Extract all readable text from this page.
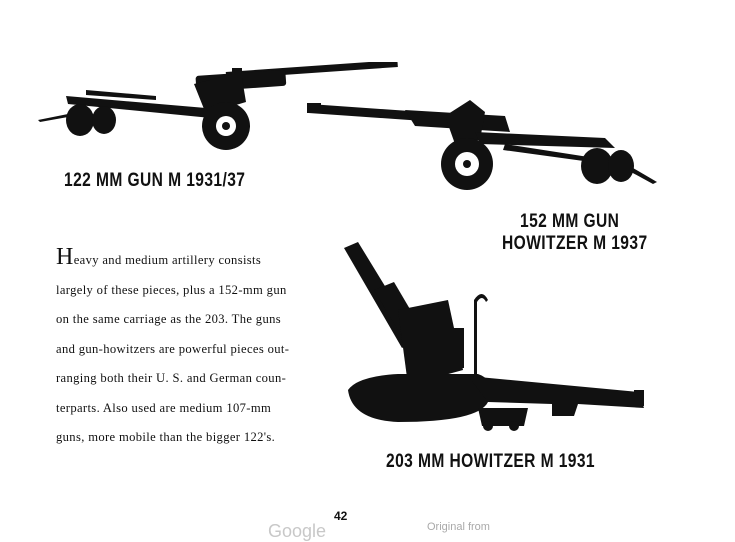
122 MM GUN M 1931/37
152 MM GUN
HOWITZER M 1937

Heavy and medium artillery consists
largely of these pieces, plus a 152-mm gun
on the same carriage as the 203. The guns
and gun-howitzers are powerful pieces out-
ranging both their U. S. and German coun-
terparts. Also used are medium 107-mm
guns, more mobile than the bigger 122's.

203 MM HOWITZER M 1931
42
Google	Original from
